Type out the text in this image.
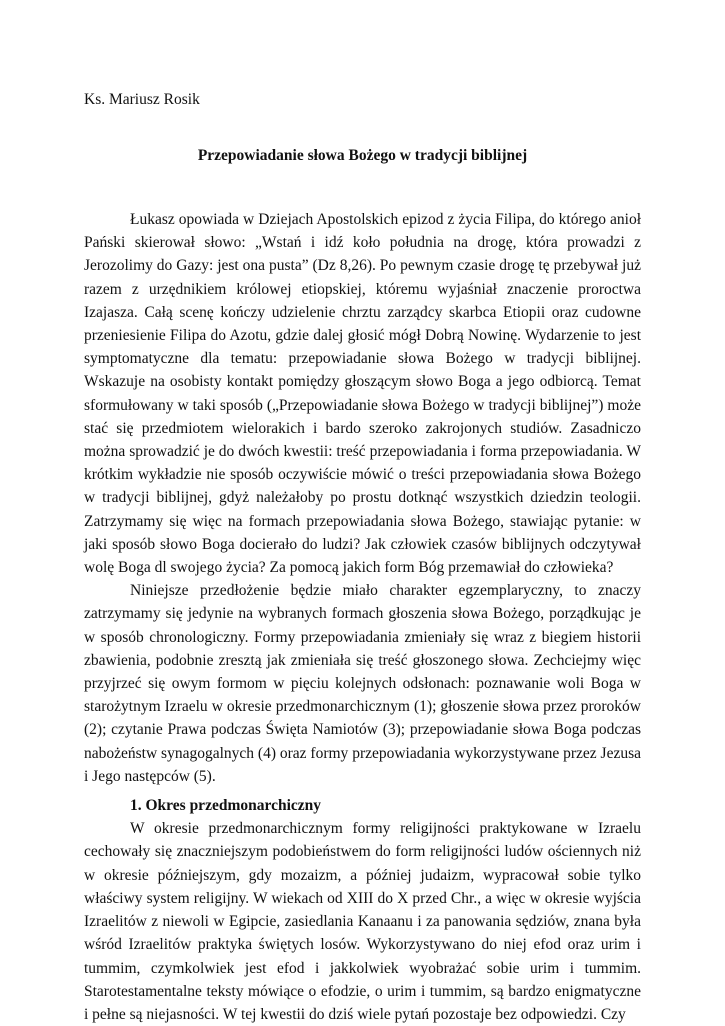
Ks. Mariusz Rosik

Przepowiadanie słowa Bożego w tradycji biblijnej

Łukasz opowiada w Dziejach Apostolskich epizod z życia Filipa, do którego anioł Pański skierował słowo: „Wstań i idź koło południa na drogę, która prowadzi z Jerozolimy do Gazy: jest ona pusta” (Dz 8,26). Po pewnym czasie drogę tę przebywał już razem z urzędnikiem królowej etiopskiej, któremu wyjaśniał znaczenie proroctwa Izajasza. Całą scenę kończy udzielenie chrztu zarządcy skarbca Etiopii oraz cudowne przeniesienie Filipa do Azotu, gdzie dalej głosić mógł Dobrą Nowinę. Wydarzenie to jest symptomatyczne dla tematu: przepowiadanie słowa Bożego w tradycji biblijnej. Wskazuje na osobisty kontakt pomiędzy głoszącym słowo Boga a jego odbiorcą. Temat sformułowany w taki sposób („Przepowiadanie słowa Bożego w tradycji biblijnej”) może stać się przedmiotem wielorakich i bardo szeroko zakrojonych studiów. Zasadniczo można sprowadzić je do dwóch kwestii: treść przepowiadania i forma przepowiadania. W krótkim wykładzie nie sposób oczywiście mówić o treści przepowiadania słowa Bożego w tradycji biblijnej, gdyż należałoby po prostu dotknąć wszystkich dziedzin teologii. Zatrzymamy się więc na formach przepowiadania słowa Bożego, stawiając pytanie: w jaki sposób słowo Boga docierało do ludzi? Jak człowiek czasów biblijnych odczytywał wolę Boga dl swojego życia? Za pomocą jakich form Bóg przemawiał do człowieka?

Niniejsze przedłożenie będzie miało charakter egzemplaryczny, to znaczy zatrzymamy się jedynie na wybranych formach głoszenia słowa Bożego, porządkując je w sposób chronologiczny. Formy przepowiadania zmieniały się wraz z biegiem historii zbawienia, podobnie zresztą jak zmieniała się treść głoszonego słowa. Zechciejmy więc przyjrzeć się owym formom w pięciu kolejnych odsłonach: poznawanie woli Boga w starożytnym Izraelu w okresie przedmonarchicznym (1); głoszenie słowa przez proroków (2); czytanie Prawa podczas Święta Namiotów (3); przepowiadanie słowa Boga podczas nabożeństw synagogalnych (4) oraz formy przepowiadania wykorzystywane przez Jezusa i Jego następców (5).

1. Okres przedmonarchiczny

W okresie przedmonarchicznym formy religijności praktykowane w Izraelu cechowały się znaczniejszym podobieństwem do form religijności ludów ościennych niż w okresie późniejszym, gdy mozaizm, a później judaizm, wypracował sobie tylko właściwy system religijny. W wiekach od XIII do X przed Chr., a więc w okresie wyjścia Izraelitów z niewoli w Egipcie, zasiedlania Kanaanu i za panowania sędziów, znana była wśród Izraelitów praktyka świętych losów. Wykorzystywano do niej efod oraz urim i tummim, czymkolwiek jest efod i jakkolwiek wyobrażać sobie urim i tummim. Starotestamentalne teksty mówiące o efodzie, o urim i tummim, są bardzo enigmatyczne i pełne są niejasności. W tej kwestii do dziś wiele pytań pozostaje bez odpowiedzi. Czy
